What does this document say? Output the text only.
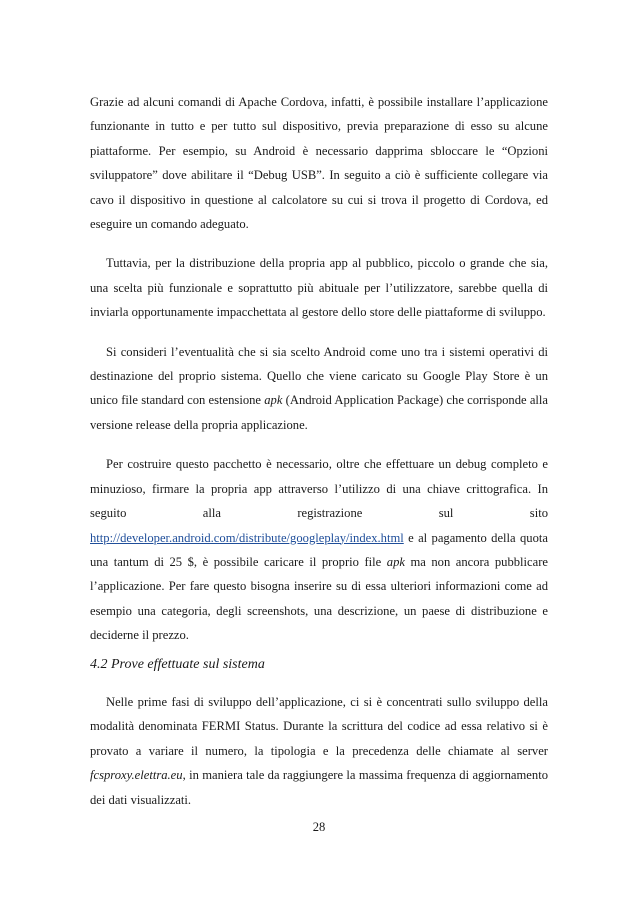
Grazie ad alcuni comandi di Apache Cordova, infatti, è possibile installare l’applicazione funzionante in tutto e per tutto sul dispositivo, previa preparazione di esso su alcune piattaforme. Per esempio, su Android è necessario dapprima sbloccare le “Opzioni sviluppatore” dove abilitare il “Debug USB”. In seguito a ciò è sufficiente collegare via cavo il dispositivo in questione al calcolatore su cui si trova il progetto di Cordova, ed eseguire un comando adeguato.

Tuttavia, per la distribuzione della propria app al pubblico, piccolo o grande che sia, una scelta più funzionale e soprattutto più abituale per l’utilizzatore, sarebbe quella di inviarla opportunamente impacchettata al gestore dello store delle piattaforme di sviluppo.

Si consideri l’eventualità che si sia scelto Android come uno tra i sistemi operativi di destinazione del proprio sistema. Quello che viene caricato su Google Play Store è un unico file standard con estensione apk (Android Application Package) che corrisponde alla versione release della propria applicazione.

Per costruire questo pacchetto è necessario, oltre che effettuare un debug completo e minuzioso, firmare la propria app attraverso l’utilizzo di una chiave crittografica. In seguito alla registrazione sul sito http://developer.android.com/distribute/googleplay/index.html e al pagamento della quota una tantum di 25 $, è possibile caricare il proprio file apk ma non ancora pubblicare l’applicazione. Per fare questo bisogna inserire su di essa ulteriori informazioni come ad esempio una categoria, degli screenshots, una descrizione, un paese di distribuzione e deciderne il prezzo.

4.2 Prove effettuate sul sistema

Nelle prime fasi di sviluppo dell’applicazione, ci si è concentrati sullo sviluppo della modalità denominata FERMI Status. Durante la scrittura del codice ad essa relativo si è provato a variare il numero, la tipologia e la precedenza delle chiamate al server fcsproxy.elettra.eu, in maniera tale da raggiungere la massima frequenza di aggiornamento dei dati visualizzati.

28
